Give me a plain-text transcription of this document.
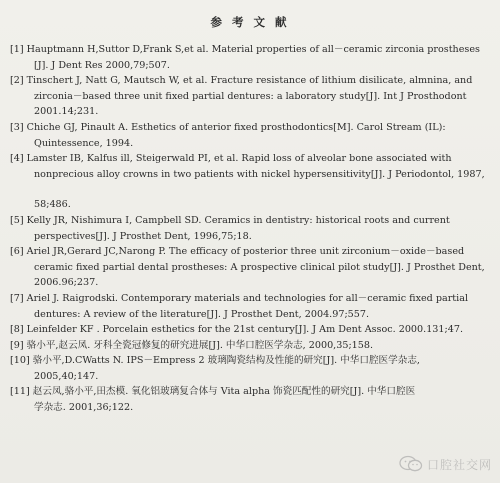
参 考 文 献
[1] Hauptmann H,Suttor D,Frank S,et al. Material properties of all－ceramic zirconia prostheses
[J]. J Dent Res 2000,79;507.
[2] Tinschert J, Natt G, Mautsch W, et al. Fracture resistance of lithium disilicate, almnina, and
zirconia－based three unit fixed partial dentures: a laboratory study[J]. Int J Prosthodont
2001.14;231.
[3] Chiche GJ, Pinault A. Esthetics of anterior fixed prosthodontics[M]. Carol Stream (IL):
Quintessence, 1994.
[4] Lamster IB, Kalfus ill, Steigerwald PI, et al. Rapid loss of alveolar bone associated with
nonprecious alloy crowns in two patients with nickel hypersensitivity[J]. J Periodontol, 1987,
58;486.
[5] Kelly JR, Nishimura I, Campbell SD. Ceramics in dentistry: historical roots and current
perspectives[J]. J Prosthet Dent, 1996,75;18.
[6] Ariel JR,Gerard JC,Narong P. The efficacy of posterior three unit zirconium－oxide－based
ceramic fixed partial dental prostheses: A prospective clinical pilot study[J]. J Prosthet Dent,
2006.96;237.
[7] Ariel J. Raigrodski. Contemporary materials and technologies for all－ceramic fixed partial
dentures: A review of the literature[J]. J Prosthet Dent, 2004.97;557.
[8] Leinfelder KF . Porcelain esthetics for the 21st century[J]. J Am Dent Assoc. 2000.131;47.
[9] 骆小平,赵云凤. 牙科全瓷冠修复的研究进展[J]. 中华口腔医学杂志, 2000,35;158.
[10] 骆小平,D.CWatts N. IPS－Empress 2 玻璃陶瓷结构及性能的研究[J]. 中华口腔医学杂志,
2005,40;147.
[11] 赵云凤,骆小平,田杰模. 氧化铝玻璃复合体与 Vita alpha 饰瓷匹配性的研究[J]. 中华口腔医
学杂志. 2001,36;122.
口腔社交网
